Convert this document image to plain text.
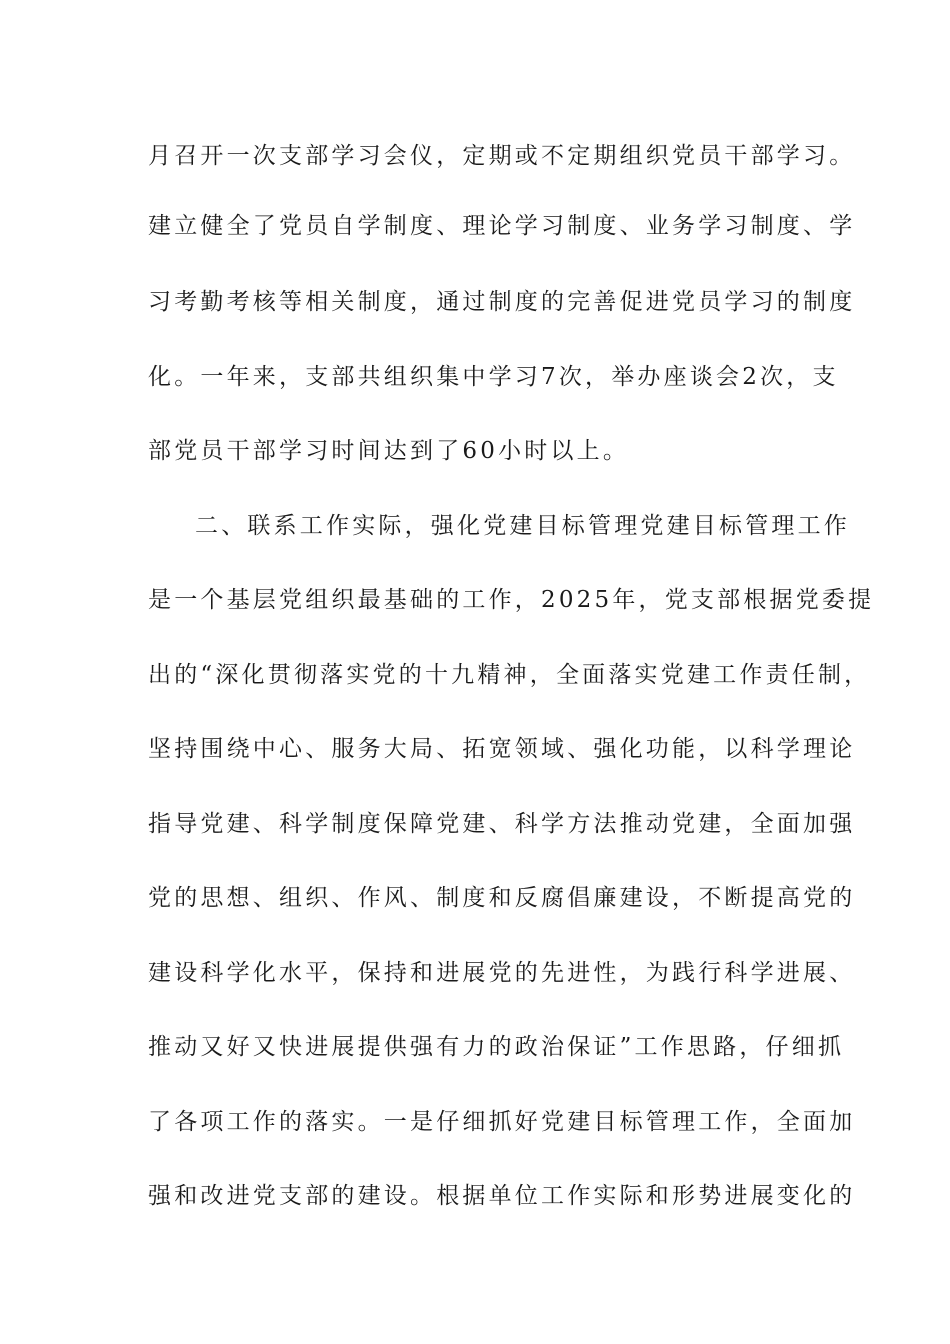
月召开一次支部学习会仪，定期或不定期组织党员干部学习。
建立健全了党员自学制度、理论学习制度、业务学习制度、学
习考勤考核等相关制度，通过制度的完善促进党员学习的制度
化。一年来，支部共组织集中学习7次，举办座谈会2次，支
部党员干部学习时间达到了60小时以上。
二、联系工作实际，强化党建目标管理党建目标管理工作
是一个基层党组织最基础的工作，2025年，党支部根据党委提
出的“深化贯彻落实党的十九精神，全面落实党建工作责任制，
坚持围绕中心、服务大局、拓宽领域、强化功能，以科学理论
指导党建、科学制度保障党建、科学方法推动党建，全面加强
党的思想、组织、作风、制度和反腐倡廉建设，不断提高党的
建设科学化水平，保持和进展党的先进性，为践行科学进展、
推动又好又快进展提供强有力的政治保证”工作思路，仔细抓
了各项工作的落实。一是仔细抓好党建目标管理工作，全面加
强和改进党支部的建设。根据单位工作实际和形势进展变化的
